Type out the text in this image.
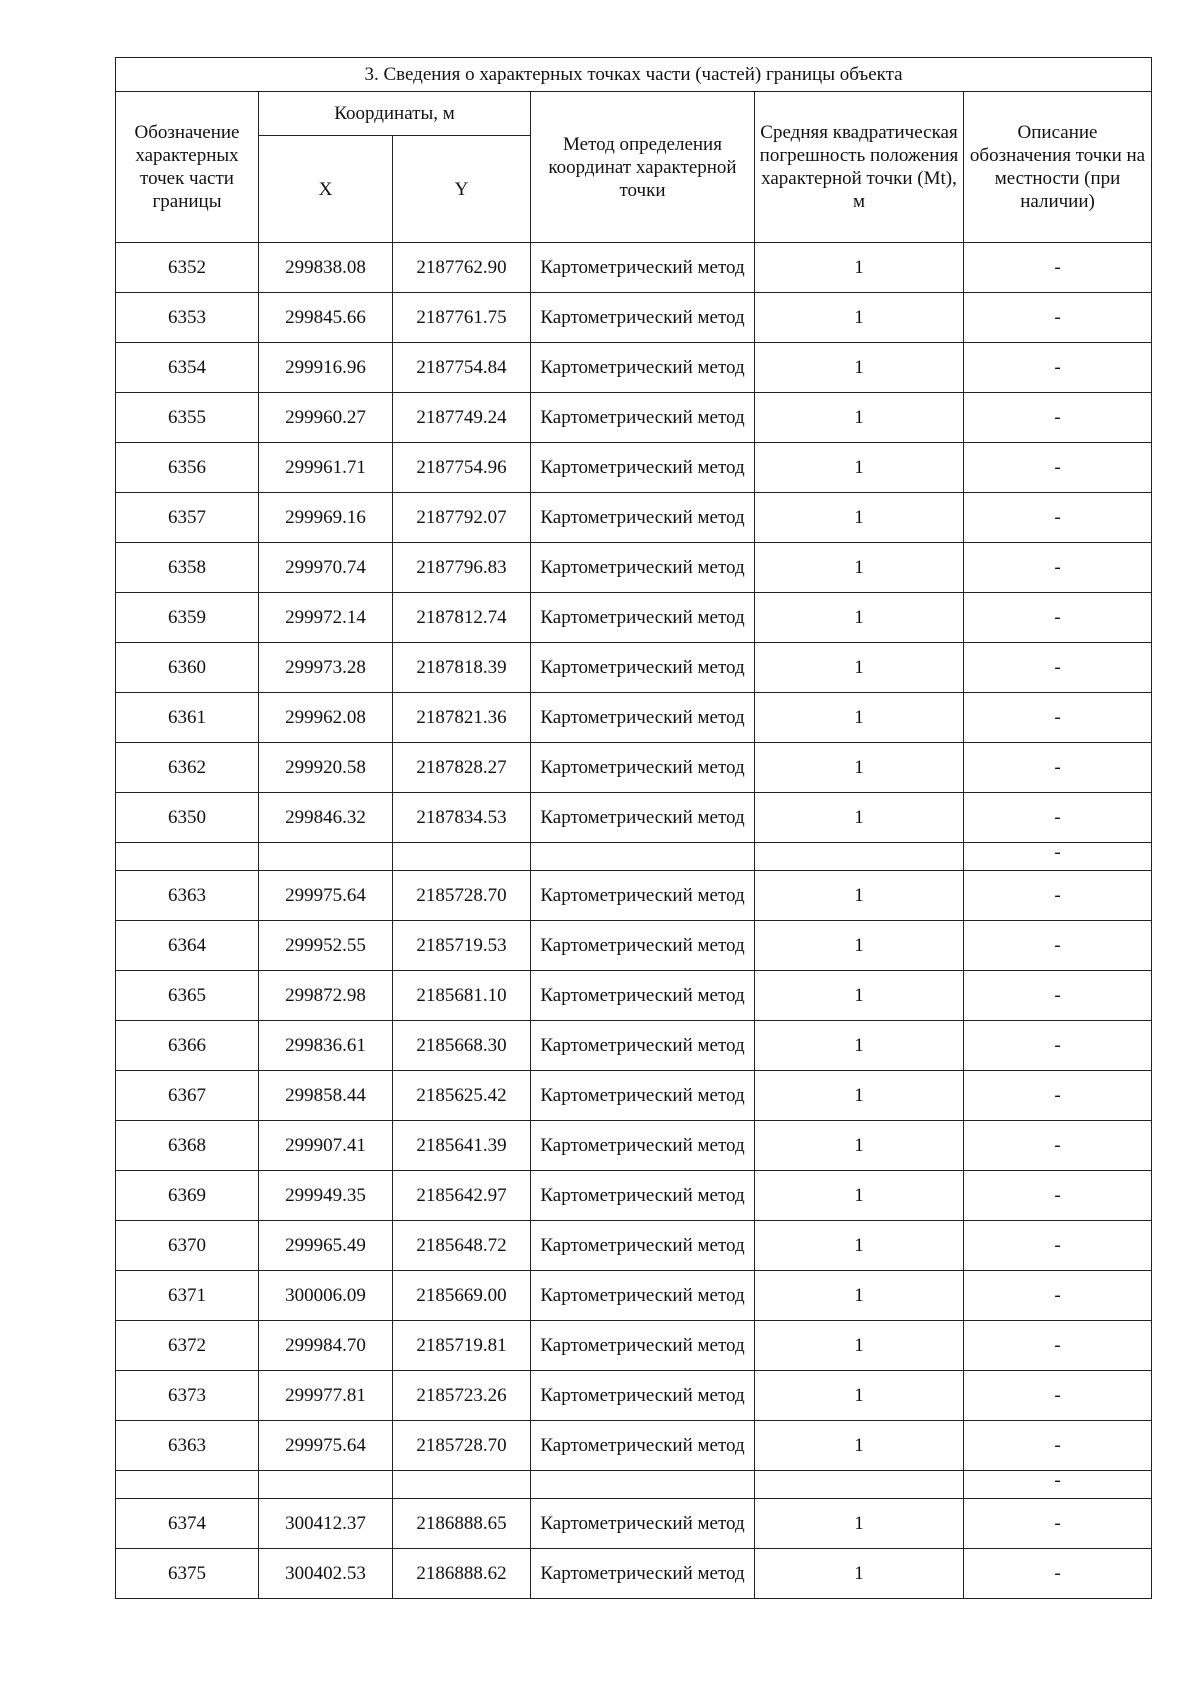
3. Сведения о характерных точках части (частей) границы объекта					
Обозначение характерных точек части границы	Координаты, м		Метод определения координат характерной точки	Средняя квадратическая погрешность положения характерной точки (Mt), м	Описание обозначения точки на местности (при наличии)
	X	Y			
6352	299838.08	2187762.90	Картометрический метод	1	-
6353	299845.66	2187761.75	Картометрический метод	1	-
6354	299916.96	2187754.84	Картометрический метод	1	-
6355	299960.27	2187749.24	Картометрический метод	1	-
6356	299961.71	2187754.96	Картометрический метод	1	-
6357	299969.16	2187792.07	Картометрический метод	1	-
6358	299970.74	2187796.83	Картометрический метод	1	-
6359	299972.14	2187812.74	Картометрический метод	1	-
6360	299973.28	2187818.39	Картометрический метод	1	-
6361	299962.08	2187821.36	Картометрический метод	1	-
6362	299920.58	2187828.27	Картометрический метод	1	-
6350	299846.32	2187834.53	Картометрический метод	1	-
					-
6363	299975.64	2185728.70	Картометрический метод	1	-
6364	299952.55	2185719.53	Картометрический метод	1	-
6365	299872.98	2185681.10	Картометрический метод	1	-
6366	299836.61	2185668.30	Картометрический метод	1	-
6367	299858.44	2185625.42	Картометрический метод	1	-
6368	299907.41	2185641.39	Картометрический метод	1	-
6369	299949.35	2185642.97	Картометрический метод	1	-
6370	299965.49	2185648.72	Картометрический метод	1	-
6371	300006.09	2185669.00	Картометрический метод	1	-
6372	299984.70	2185719.81	Картометрический метод	1	-
6373	299977.81	2185723.26	Картометрический метод	1	-
6363	299975.64	2185728.70	Картометрический метод	1	-
					-
6374	300412.37	2186888.65	Картометрический метод	1	-
6375	300402.53	2186888.62	Картометрический метод	1	-
